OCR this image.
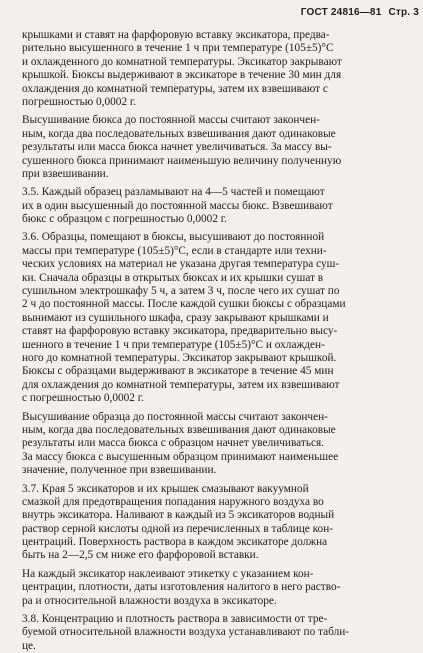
ГОСТ 24816—81 Стр. 3
крышками и ставят на фарфоровую вставку эксикатора, предва-
рительно высушенного в течение 1 ч при температуре (105±5)°С
и охлажденного до комнатной температуры. Эксикатор закрывают
крышкой. Бюксы выдерживают в эксикаторе в течение 30 мин для
охлаждения до комнатной температуры, затем их взвешивают с
погрешностью 0,0002 г.
Высушивание бюкса до постоянной массы считают закончен-
ным, когда два последовательных взвешивания дают одинаковые
результаты или масса бюкса начнет увеличиваться. За массу вы-
сушенного бюкса принимают наименьшую величину полученную
при взвешивании.
3.5. Каждый образец разламывают на 4—5 частей и помещают
их в один высушенный до постоянной массы бюкс. Взвешивают
бюкс с образцом с погрешностью 0,0002 г.
3.6. Образцы, помещают в бюксы, высушивают до постоянной
массы при температуре (105±5)°С, если в стандарте или техни-
ческих условиях на материал не указана другая температура суш-
ки. Сначала образцы в открытых бюксах и их крышки сушат в
сушильном электрошкафу 5 ч, а затем 3 ч, после чего их сушат по
2 ч до постоянной массы. После каждой сушки бюксы с образцами
вынимают из сушильного шкафа, сразу закрывают крышками и
ставят на фарфоровую вставку эксикатора, предварительно высу-
шенного в течение 1 ч при температуре (105±5)°С и охлажден-
ного до комнатной температуры. Эксикатор закрывают крышкой.
Бюксы с образцами выдерживают в эксикаторе в течение 45 мин
для охлаждения до комнатной температуры, затем их взвешивают
с погрешностью 0,0002 г.
Высушивание образца до постоянной массы считают закончен-
ным, когда два последовательных взвешивания дают одинаковые
результаты или масса бюкса с образцом начнет увеличиваться.
За массу бюкса с высушенным образцом принимают наименьшее
значение, полученное при взвешивании.
3.7. Края 5 эксикаторов и их крышек смазывают вакуумной
смазкой для предотвращения попадания наружного воздуха во
внутрь эксикатора. Наливают в каждый из 5 эксикаторов водный
раствор серной кислоты одной из перечисленных в таблице кон-
центраций. Поверхность раствора в каждом эксикаторе должна
быть на 2—2,5 см ниже его фарфоровой вставки.
На каждый эксикатор наклеивают этикетку с указанием кон-
центрации, плотности, даты изготовления налитого в него раство-
ра и относительной влажности воздуха в эксикаторе.
3.8. Концентрацию и плотность раствора в зависимости от тре-
буемой относительной влажности воздуха устанавливают по табли-
це.
